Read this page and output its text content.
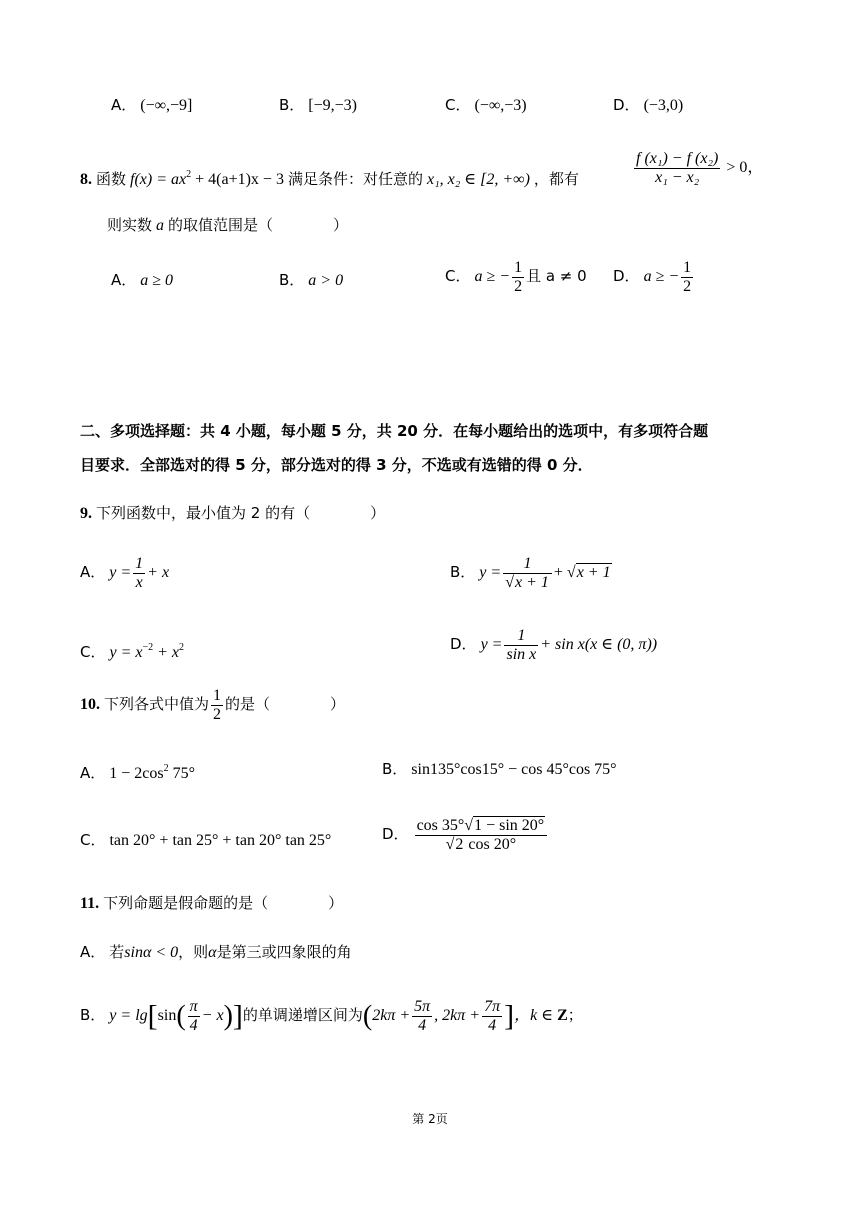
A． (−∞,−9]	B． [−9,−3)	C． (−∞,−3)	D． (−3,0)
8. 函数 $f(x) = ax^2 + 4(a+1)x - 3$ 满足条件：对任意的 x₁, x₂ ∈ [2, +∞) ，都有	$\frac{\text{f (x₁) − f (x₂)}}{\text{x₁ − x₂}} > 0$，
则实数 a 的取值范围是（　　　　）
A． a ≥ 0	B． a > 0	C． a ≥ − $\frac{1}{2}$ 且 a ≠ 0 D． a ≥ − $\frac{1}{2}$
二、多项选择题：共 4 小题，每小题 5 分，共 20 分．在每小题给出的选项中，有多项符合题
目要求．全部选对的得 5 分，部分选对的得 3 分，不选或有选错的得 0 分．
9. 下列函数中，最小值为 2 的有（　　　　）
A． $y = \frac{1}{x} + x$	B． $y = \frac{1}{√x + 1} + √x + 1$
C． $y = x^{-2} + x^2$	D． $y = \frac{1}{\text{sin x}} + \sin x(x$ ∈ (0, π))
10. 下列各式中值为 $\frac{1}{2}$ 的是（　　　　）
A． $1 - 2\cos^2$ 75°	B． sin135°cos15° − cos 45°cos 75°
C． tan 20° + tan 25° + tan 20° tan 25°	D． $\frac{\cos 35^\circ√1 - \sin 20^\circ}{√2 \cos 20^\circ}$
11. 下列命题是假命题的是（　　　　）
A． 若sinα < 0，则α是第三或四象限的角
B． $y = \lg[\sin( \frac{\pi}{4} - x)]$的单调递增区间为($2k\pi + \frac{5\pi}{4}$ , $2k\pi + \frac{7\pi}{4}$ ]，k ∈ Z；
第 2页
